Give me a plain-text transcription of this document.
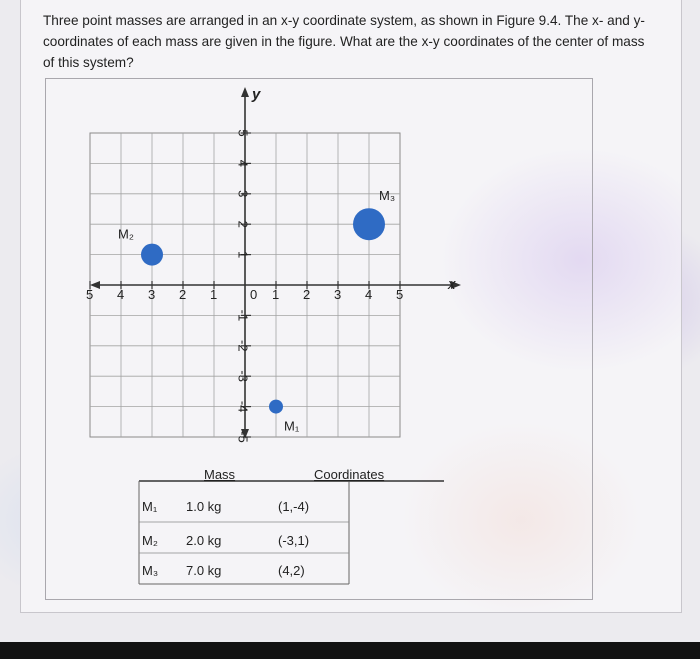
Three point masses are arranged in an x-y coordinate system, as shown in Figure 9.4. The x- and y-coordinates of each mass are given in the figure. What are the x-y coordinates of the center of mass of this system?
x
y
0
5 4 3 2 1	1 2 3 4 5
5
4
3
2
1
-1
-2
-3
-4
-5
M₁
M₂
M₃
Mass	Coordinates
M₁ 1.0 kg	(1,-4)
M₂ 2.0 kg	(-3,1)
M₃ 7.0 kg	(4,2)
